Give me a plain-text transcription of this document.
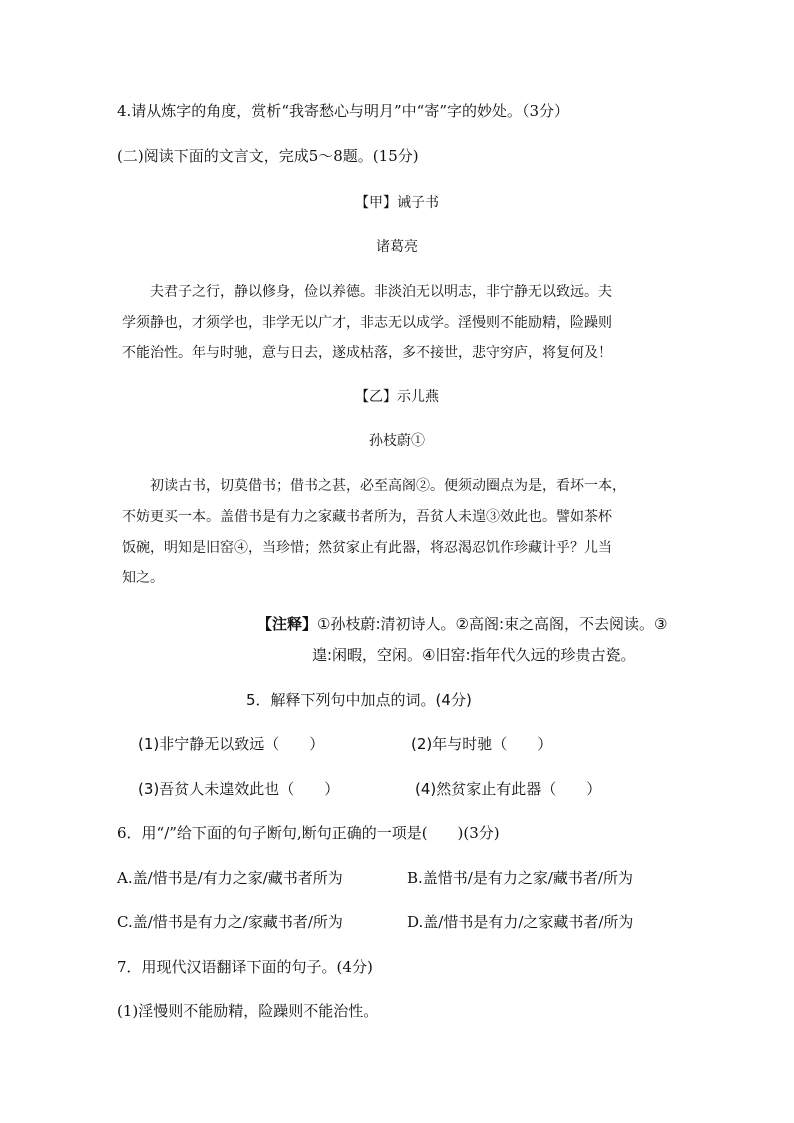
4.请从炼字的角度，赏析“我寄愁心与明月”中“寄”字的妙处。（3分）
(二)阅读下面的文言文，完成5～8题。(15分)
【甲】诫子书
诸葛亮
夫君子之行，静以修身，俭以养德。非淡泊无以明志，非宁静无以致远。夫
学须静也，才须学也，非学无以广才，非志无以成学。淫慢则不能励精，险躁则
不能治性。年与时驰，意与日去，遂成枯落，多不接世，悲守穷庐，将复何及！
【乙】示儿燕
孙枝蔚①
初读古书，切莫借书；借书之甚，必至高阁②。便须动圈点为是，看坏一本，
不妨更买一本。盖借书是有力之家藏书者所为，吾贫人未遑③效此也。譬如茶杯
饭碗，明知是旧窑④，当珍惜；然贫家止有此器，将忍渴忍饥作珍藏计乎？儿当
知之。
【注释】①孙枝蔚:清初诗人。②高阁:束之高阁，不去阅读。③
遑:闲暇，空闲。④旧窑:指年代久远的珍贵古瓷。
5．解释下列句中加点的词。(4分)
(1)非宁静无以致远（　　）	(2)年与时驰（　　）
(3)吾贫人未遑效此也（　　）	(4)然贫家止有此器（　　）
6．用“/”给下面的句子断句,断句正确的一项是(　　)(3分)
A.盖/惜书是/有力之家/藏书者所为	B.盖惜书/是有力之家/藏书者/所为
C.盖/惜书是有力之/家藏书者/所为	D.盖/惜书是有力/之家藏书者/所为
7．用现代汉语翻译下面的句子。(4分)
(1)淫慢则不能励精，险躁则不能治性。
